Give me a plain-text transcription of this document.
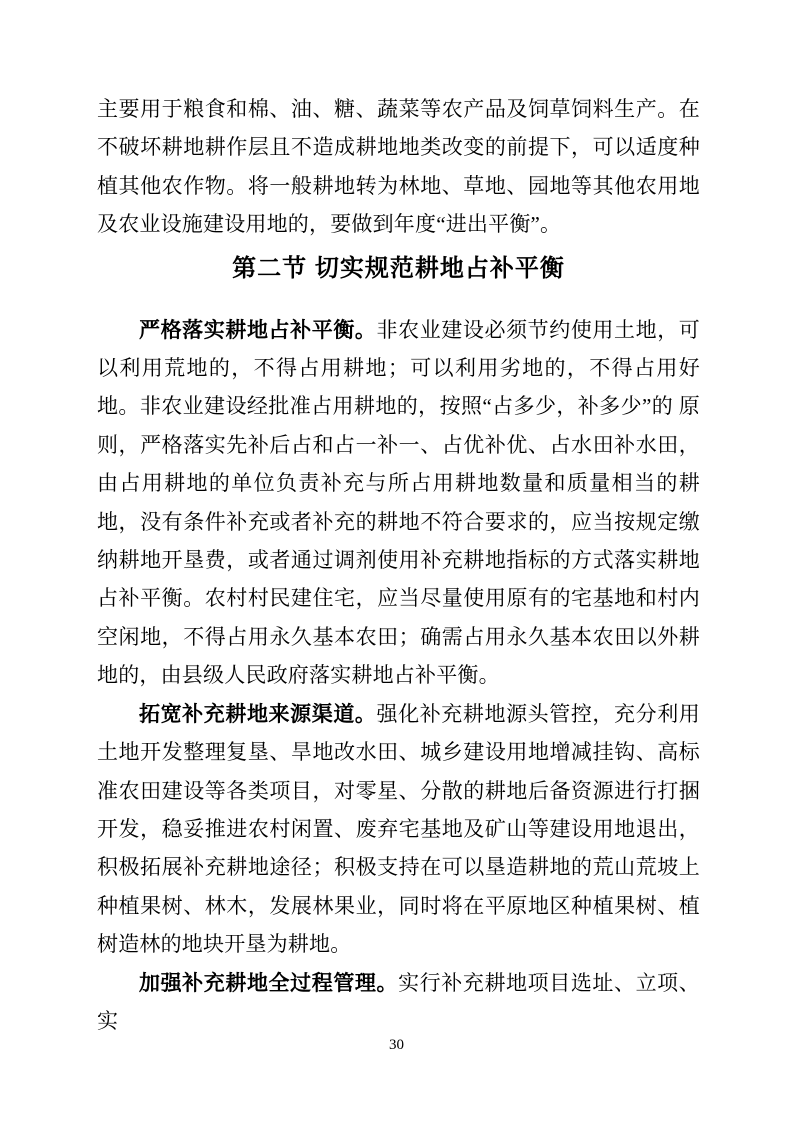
主要用于粮食和棉、油、糖、蔬菜等农产品及饲草饲料生产。在不破坏耕地耕作层且不造成耕地地类改变的前提下，可以适度种植其他农作物。将一般耕地转为林地、草地、园地等其他农用地及农业设施建设用地的，要做到年度“进出平衡”。

第二节 切实规范耕地占补平衡

严格落实耕地占补平衡。非农业建设必须节约使用土地，可以利用荒地的，不得占用耕地；可以利用劣地的，不得占用好地。非农业建设经批准占用耕地的，按照“占多少，补多少”的 原则，严格落实先补后占和占一补一、占优补优、占水田补水田，由占用耕地的单位负责补充与所占用耕地数量和质量相当的耕地，没有条件补充或者补充的耕地不符合要求的，应当按规定缴纳耕地开垦费，或者通过调剂使用补充耕地指标的方式落实耕地占补平衡。农村村民建住宅，应当尽量使用原有的宅基地和村内空闲地，不得占用永久基本农田；确需占用永久基本农田以外耕地的，由县级人民政府落实耕地占补平衡。

拓宽补充耕地来源渠道。强化补充耕地源头管控，充分利用土地开发整理复垦、旱地改水田、城乡建设用地增减挂钩、高标准农田建设等各类项目，对零星、分散的耕地后备资源进行打捆开发，稳妥推进农村闲置、废弃宅基地及矿山等建设用地退出，积极拓展补充耕地途径；积极支持在可以垦造耕地的荒山荒坡上种植果树、林木，发展林果业，同时将在平原地区种植果树、植树造林的地块开垦为耕地。

加强补充耕地全过程管理。实行补充耕地项目选址、立项、实

30
